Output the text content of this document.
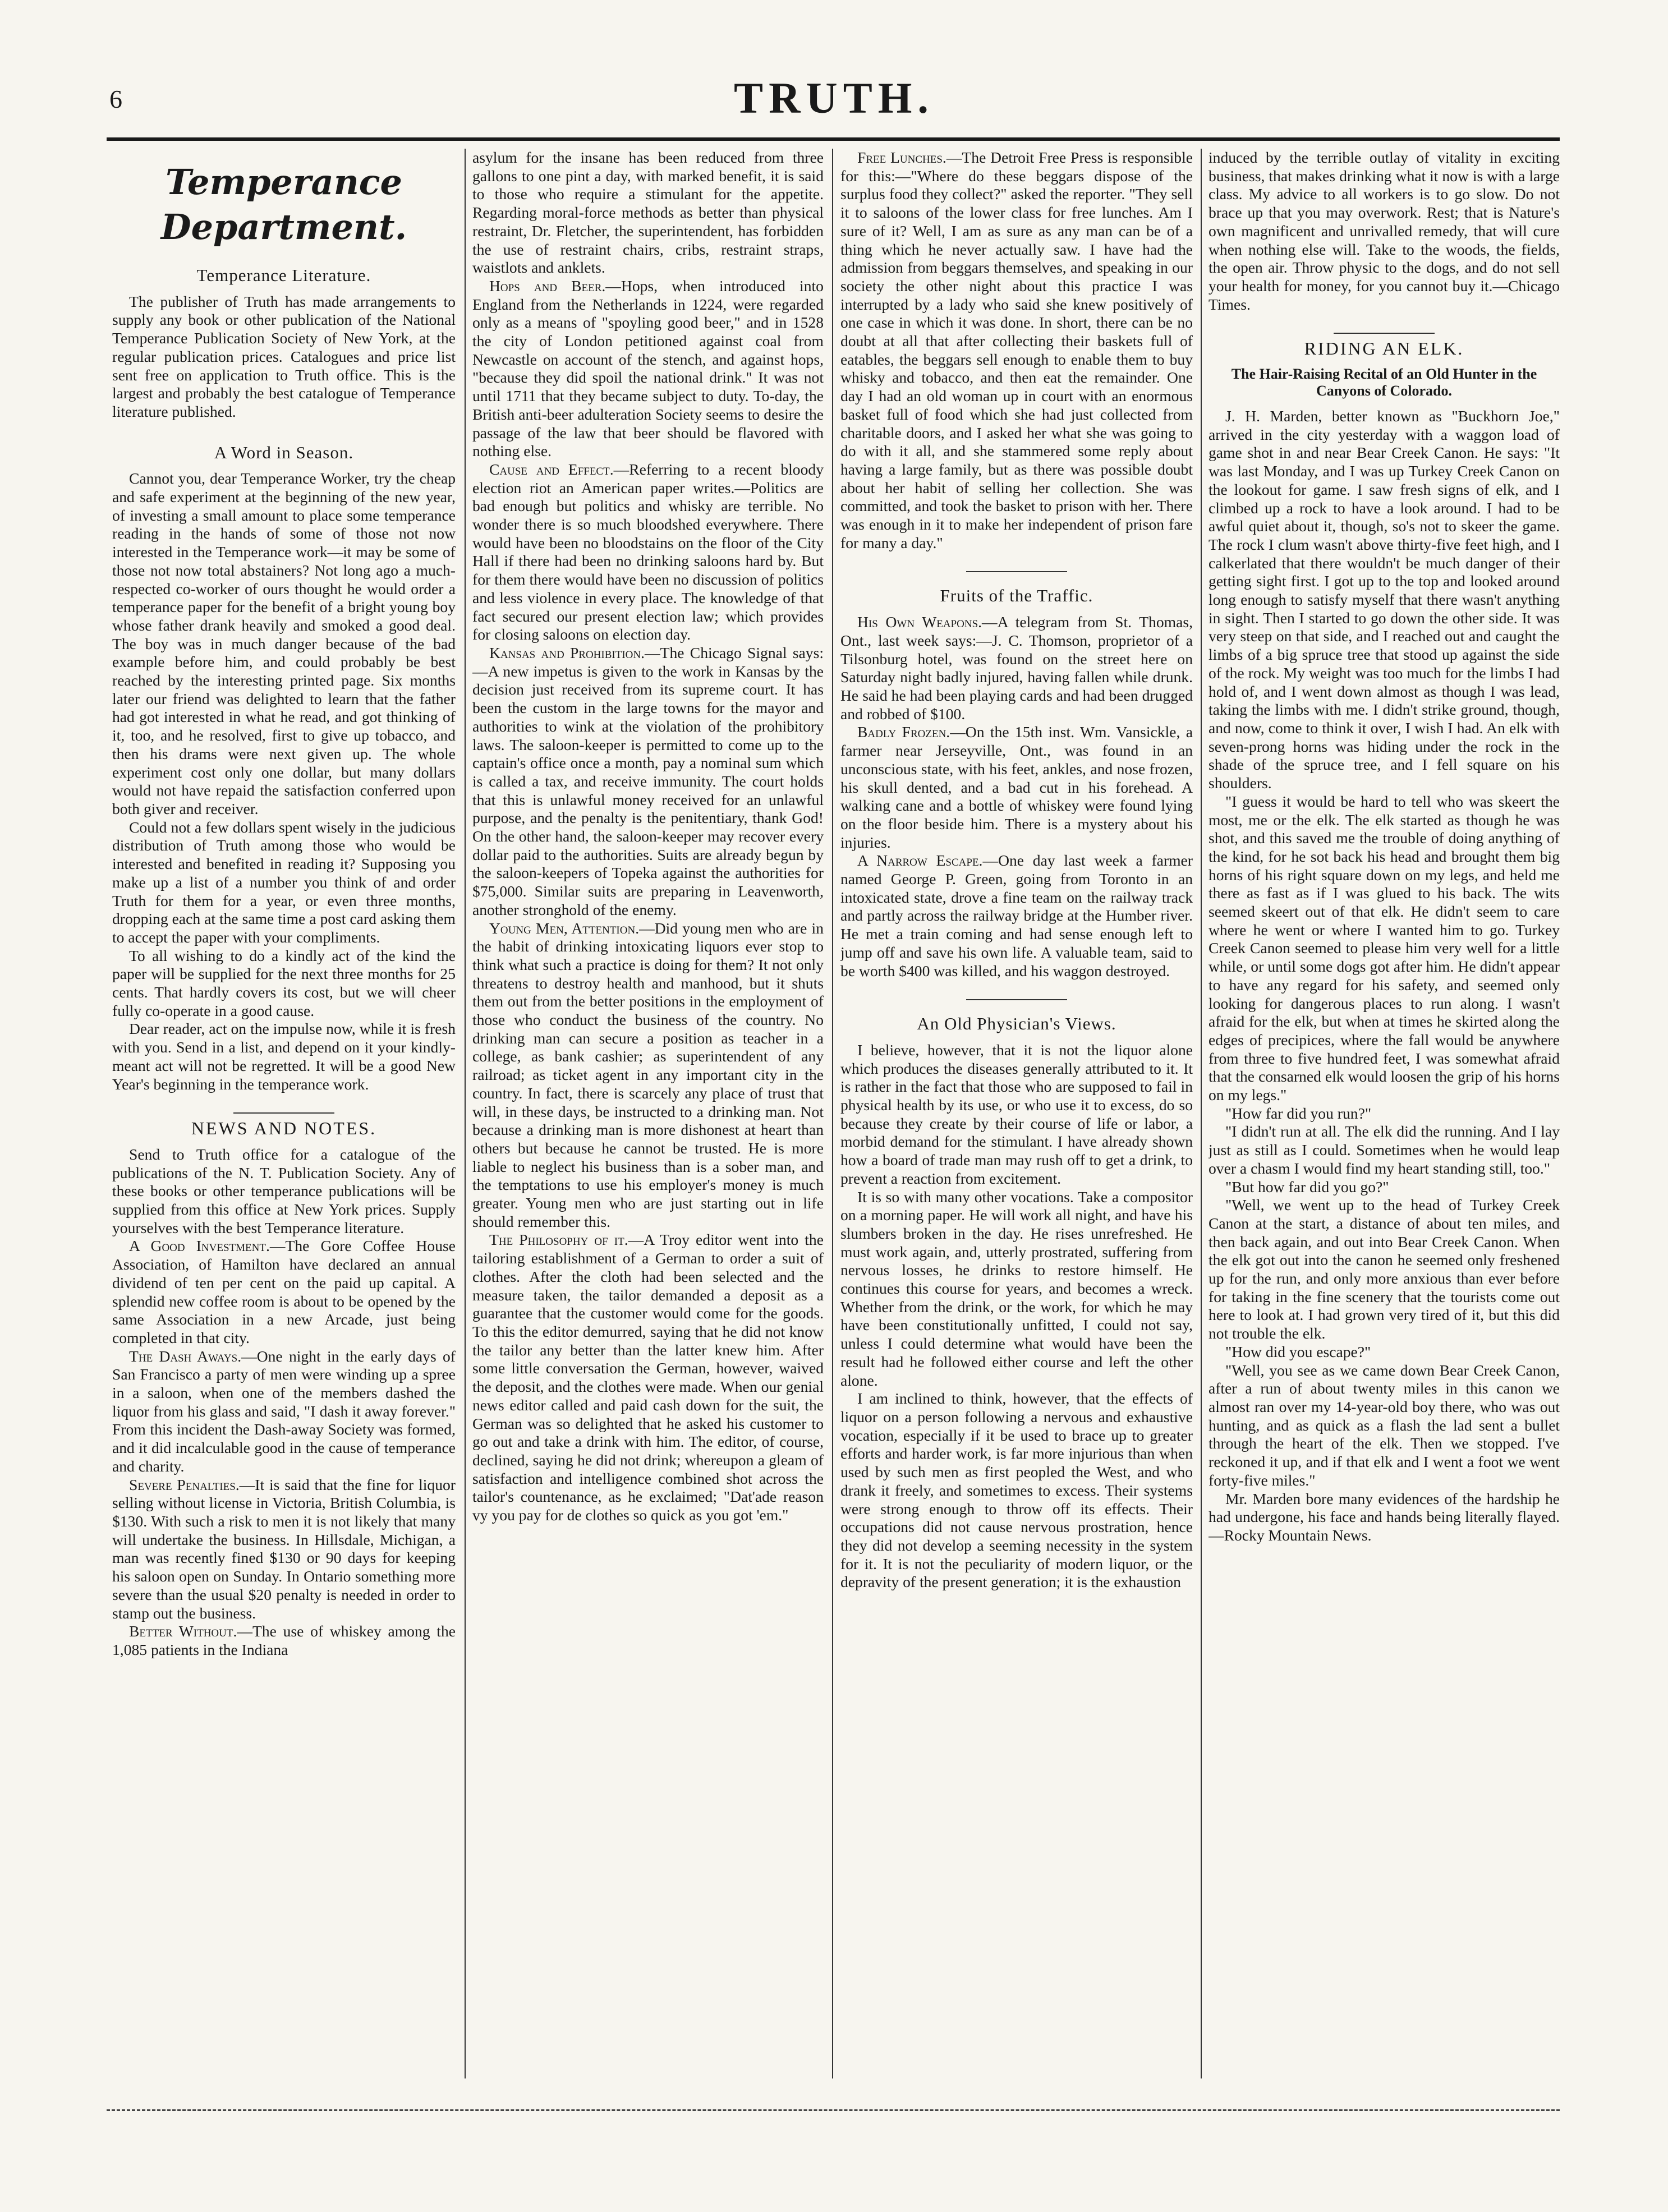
6	TRUTH.
Temperance Department.
Temperance Literature.

The publisher of Truth has made arrangements to supply any book or other publication of the National Temperance Publication Society of New York, at the regular publication prices. Catalogues and price list sent free on application to Truth office. This is the largest and probably the best catalogue of Temperance literature published.

A Word in Season.

Cannot you, dear Temperance Worker, try the cheap and safe experiment at the beginning of the new year, of investing a small amount to place some temperance reading in the hands of some of those not now interested in the Temperance work—it may be some of those not now total abstainers? Not long ago a much-respected co-worker of ours thought he would order a temperance paper for the benefit of a bright young boy whose father drank heavily and smoked a good deal. The boy was in much danger because of the bad example before him, and could probably be best reached by the interesting printed page. Six months later our friend was delighted to learn that the father had got interested in what he read, and got thinking of it, too, and he resolved, first to give up tobacco, and then his drams were next given up. The whole experiment cost only one dollar, but many dollars would not have repaid the satisfaction conferred upon both giver and receiver.

Could not a few dollars spent wisely in the judicious distribution of Truth among those who would be interested and benefited in reading it? Supposing you make up a list of a number you think of and order Truth for them for a year, or even three months, dropping each at the same time a post card asking them to accept the paper with your compliments.

To all wishing to do a kindly act of the kind the paper will be supplied for the next three months for 25 cents. That hardly covers its cost, but we will cheer fully co-operate in a good cause.

Dear reader, act on the impulse now, while it is fresh with you. Send in a list, and depend on it your kindly-meant act will not be regretted. It will be a good New Year's beginning in the temperance work.

NEWS AND NOTES.

Send to Truth office for a catalogue of the publications of the N. T. Publication Society. Any of these books or other temperance publications will be supplied from this office at New York prices. Supply yourselves with the best Temperance literature.

A Good Investment.—The Gore Coffee House Association, of Hamilton have declared an annual dividend of ten per cent on the paid up capital. A splendid new coffee room is about to be opened by the same Association in a new Arcade, just being completed in that city.

The Dash Aways.—One night in the early days of San Francisco a party of men were winding up a spree in a saloon, when one of the members dashed the liquor from his glass and said, "I dash it away forever." From this incident the Dash-away Society was formed, and it did incalculable good in the cause of temperance and charity.

Severe Penalties.—It is said that the fine for liquor selling without license in Victoria, British Columbia, is $130. With such a risk to men it is not likely that many will undertake the business. In Hillsdale, Michigan, a man was recently fined $130 or 90 days for keeping his saloon open on Sunday. In Ontario something more severe than the usual $20 penalty is needed in order to stamp out the business.

Better Without.—The use of whiskey among the 1,085 patients in the Indiana

asylum for the insane has been reduced from three gallons to one pint a day, with marked benefit, it is said to those who require a stimulant for the appetite. Regarding moral-force methods as better than physical restraint, Dr. Fletcher, the superintendent, has forbidden the use of restraint chairs, cribs, restraint straps, waistlots and anklets.

Hops and Beer.—Hops, when introduced into England from the Netherlands in 1224, were regarded only as a means of "spoyling good beer," and in 1528 the city of London petitioned against coal from Newcastle on account of the stench, and against hops, "because they did spoil the national drink." It was not until 1711 that they became subject to duty. To-day, the British anti-beer adulteration Society seems to desire the passage of the law that beer should be flavored with nothing else.

Cause and Effect.—Referring to a recent bloody election riot an American paper writes.—Politics are bad enough but politics and whisky are terrible. No wonder there is so much bloodshed everywhere. There would have been no bloodstains on the floor of the City Hall if there had been no drinking saloons hard by. But for them there would have been no discussion of politics and less violence in every place. The knowledge of that fact secured our present election law; which provides for closing saloons on election day.

Kansas and Prohibition.—The Chicago Signal says:—A new impetus is given to the work in Kansas by the decision just received from its supreme court. It has been the custom in the large towns for the mayor and authorities to wink at the violation of the prohibitory laws. The saloon-keeper is permitted to come up to the captain's office once a month, pay a nominal sum which is called a tax, and receive immunity. The court holds that this is unlawful money received for an unlawful purpose, and the penalty is the penitentiary, thank God! On the other hand, the saloon-keeper may recover every dollar paid to the authorities. Suits are already begun by the saloon-keepers of Topeka against the authorities for $75,000. Similar suits are preparing in Leavenworth, another stronghold of the enemy.

Young Men, Attention.—Did young men who are in the habit of drinking intoxicating liquors ever stop to think what such a practice is doing for them? It not only threatens to destroy health and manhood, but it shuts them out from the better positions in the employment of those who conduct the business of the country. No drinking man can secure a position as teacher in a college, as bank cashier; as superintendent of any railroad; as ticket agent in any important city in the country. In fact, there is scarcely any place of trust that will, in these days, be instructed to a drinking man. Not because a drinking man is more dishonest at heart than others but because he cannot be trusted. He is more liable to neglect his business than is a sober man, and the temptations to use his employer's money is much greater. Young men who are just starting out in life should remember this.

The Philosophy of it.—A Troy editor went into the tailoring establishment of a German to order a suit of clothes. After the cloth had been selected and the measure taken, the tailor demanded a deposit as a guarantee that the customer would come for the goods. To this the editor demurred, saying that he did not know the tailor any better than the latter knew him. After some little conversation the German, however, waived the deposit, and the clothes were made. When our genial news editor called and paid cash down for the suit, the German was so delighted that he asked his customer to go out and take a drink with him. The editor, of course, declined, saying he did not drink; whereupon a gleam of satisfaction and intelligence combined shot across the tailor's countenance, as he exclaimed; "Dat'ade reason vy you pay for de clothes so quick as you got 'em."

Free Lunches.—The Detroit Free Press is responsible for this:—"Where do these beggars dispose of the surplus food they collect?" asked the reporter. "They sell it to saloons of the lower class for free lunches. Am I sure of it? Well, I am as sure as any man can be of a thing which he never actually saw. I have had the admission from beggars themselves, and speaking in our society the other night about this practice I was interrupted by a lady who said she knew positively of one case in which it was done. In short, there can be no doubt at all that after collecting their baskets full of eatables, the beggars sell enough to enable them to buy whisky and tobacco, and then eat the remainder. One day I had an old woman up in court with an enormous basket full of food which she had just collected from charitable doors, and I asked her what she was going to do with it all, and she stammered some reply about having a large family, but as there was possible doubt about her habit of selling her collection. She was committed, and took the basket to prison with her. There was enough in it to make her independent of prison fare for many a day."

Fruits of the Traffic.

His Own Weapons.—A telegram from St. Thomas, Ont., last week says:—J. C. Thomson, proprietor of a Tilsonburg hotel, was found on the street here on Saturday night badly injured, having fallen while drunk. He said he had been playing cards and had been drugged and robbed of $100.

Badly Frozen.—On the 15th inst. Wm. Vansickle, a farmer near Jerseyville, Ont., was found in an unconscious state, with his feet, ankles, and nose frozen, his skull dented, and a bad cut in his forehead. A walking cane and a bottle of whiskey were found lying on the floor beside him. There is a mystery about his injuries.

A Narrow Escape.—One day last week a farmer named George P. Green, going from Toronto in an intoxicated state, drove a fine team on the railway track and partly across the railway bridge at the Humber river. He met a train coming and had sense enough left to jump off and save his own life. A valuable team, said to be worth $400 was killed, and his waggon destroyed.

An Old Physician's Views.

I believe, however, that it is not the liquor alone which produces the diseases generally attributed to it. It is rather in the fact that those who are supposed to fail in physical health by its use, or who use it to excess, do so because they create by their course of life or labor, a morbid demand for the stimulant. I have already shown how a board of trade man may rush off to get a drink, to prevent a reaction from excitement.

It is so with many other vocations. Take a compositor on a morning paper. He will work all night, and have his slumbers broken in the day. He rises unrefreshed. He must work again, and, utterly prostrated, suffering from nervous losses, he drinks to restore himself. He continues this course for years, and becomes a wreck. Whether from the drink, or the work, for which he may have been constitutionally unfitted, I could not say, unless I could determine what would have been the result had he followed either course and left the other alone.

I am inclined to think, however, that the effects of liquor on a person following a nervous and exhaustive vocation, especially if it be used to brace up to greater efforts and harder work, is far more injurious than when used by such men as first peopled the West, and who drank it freely, and sometimes to excess. Their systems were strong enough to throw off its effects. Their occupations did not cause nervous prostration, hence they did not develop a seeming necessity in the system for it. It is not the peculiarity of modern liquor, or the depravity of the present generation; it is the exhaustion

induced by the terrible outlay of vitality in exciting business, that makes drinking what it now is with a large class. My advice to all workers is to go slow. Do not brace up that you may overwork. Rest; that is Nature's own magnificent and unrivalled remedy, that will cure when nothing else will. Take to the woods, the fields, the open air. Throw physic to the dogs, and do not sell your health for money, for you cannot buy it.—Chicago Times.

RIDING AN ELK.
The Hair-Raising Recital of an Old Hunter in the Canyons of Colorado.

J. H. Marden, better known as "Buckhorn Joe," arrived in the city yesterday with a waggon load of game shot in and near Bear Creek Canon. He says: "It was last Monday, and I was up Turkey Creek Canon on the lookout for game. I saw fresh signs of elk, and I climbed up a rock to have a look around. I had to be awful quiet about it, though, so's not to skeer the game. The rock I clum wasn't above thirty-five feet high, and I calkerlated that there wouldn't be much danger of their getting sight first. I got up to the top and looked around long enough to satisfy myself that there wasn't anything in sight. Then I started to go down the other side. It was very steep on that side, and I reached out and caught the limbs of a big spruce tree that stood up against the side of the rock. My weight was too much for the limbs I had hold of, and I went down almost as though I was lead, taking the limbs with me. I didn't strike ground, though, and now, come to think it over, I wish I had. An elk with seven-prong horns was hiding under the rock in the shade of the spruce tree, and I fell square on his shoulders.

"I guess it would be hard to tell who was skeert the most, me or the elk. The elk started as though he was shot, and this saved me the trouble of doing anything of the kind, for he sot back his head and brought them big horns of his right square down on my legs, and held me there as fast as if I was glued to his back. The wits seemed skeert out of that elk. He didn't seem to care where he went or where I wanted him to go. Turkey Creek Canon seemed to please him very well for a little while, or until some dogs got after him. He didn't appear to have any regard for his safety, and seemed only looking for dangerous places to run along. I wasn't afraid for the elk, but when at times he skirted along the edges of precipices, where the fall would be anywhere from three to five hundred feet, I was somewhat afraid that the consarned elk would loosen the grip of his horns on my legs."

"How far did you run?"

"I didn't run at all. The elk did the running. And I lay just as still as I could. Sometimes when he would leap over a chasm I would find my heart standing still, too."

"But how far did you go?"

"Well, we went up to the head of Turkey Creek Canon at the start, a distance of about ten miles, and then back again, and out into Bear Creek Canon. When the elk got out into the canon he seemed only freshened up for the run, and only more anxious than ever before for taking in the fine scenery that the tourists come out here to look at. I had grown very tired of it, but this did not trouble the elk.

"How did you escape?"

"Well, you see as we came down Bear Creek Canon, after a run of about twenty miles in this canon we almost ran over my 14-year-old boy there, who was out hunting, and as quick as a flash the lad sent a bullet through the heart of the elk. Then we stopped. I've reckoned it up, and if that elk and I went a foot we went forty-five miles."

Mr. Marden bore many evidences of the hardship he had undergone, his face and hands being literally flayed.—Rocky Mountain News.
